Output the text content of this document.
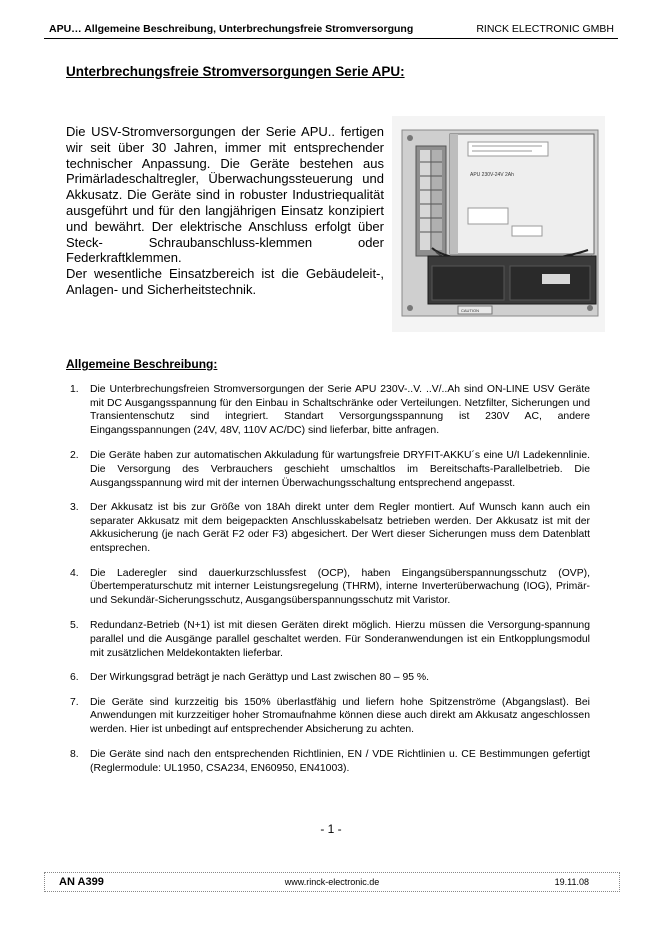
APU… Allgemeine Beschreibung, Unterbrechungsfreie Stromversorgung	RINCK ELECTRONIC GMBH
Unterbrechungsfreie Stromversorgungen Serie APU:

Die USV-Stromversorgungen der Serie APU.. fertigen wir seit über 30 Jahren, immer mit entsprechender technischer Anpassung. Die Geräte bestehen aus Primärladeschaltregler, Überwachungssteuerung und Akkusatz. Die Geräte sind in robuster Industriequalität ausgeführt und für den langjährigen Einsatz konzipiert und bewährt. Der elektrische Anschluss erfolgt über Steck- Schraubanschluss-klemmen oder Federkraftklemmen.

Der wesentliche Einsatzbereich ist die Gebäudeleit-, Anlagen- und Sicherheitstechnik.

APU 230V-24V 2Ah
CAUTION
Allgemeine Beschreibung:
1. Die Unterbrechungsfreien Stromversorgungen der Serie APU 230V-..V. ..V/..Ah sind ON-LINE USV Geräte mit DC Ausgangsspannung für den Einbau in Schaltschränke oder Verteilungen. Netzfilter, Sicherungen und Transientenschutz sind integriert. Standart Versorgungsspannung ist 230V AC, andere Eingangsspannungen (24V, 48V, 110V AC/DC) sind lieferbar, bitte anfragen.
2. Die Geräte haben zur automatischen Akkuladung für wartungsfreie DRYFIT-AKKU´s eine U/I Ladekennlinie. Die Versorgung des Verbrauchers geschieht umschaltlos im Bereitschafts-Parallelbetrieb. Die Ausgangsspannung wird mit der internen Überwachungsschaltung entsprechend angepasst.
3. Der Akkusatz ist bis zur Größe von 18Ah direkt unter dem Regler montiert. Auf Wunsch kann auch ein separater Akkusatz mit dem beigepackten Anschlusskabelsatz betrieben werden. Der Akkusatz ist mit der Akkusicherung (je nach Gerät F2 oder F3) abgesichert. Der Wert dieser Sicherungen muss dem Datenblatt entsprechen.
4. Die Laderegler sind dauerkurzschlussfest (OCP), haben Eingangsüberspannungsschutz (OVP), Übertemperaturschutz mit interner Leistungsregelung (THRM), interne Inverterüberwachung (IOG), Primär- und Sekundär-Sicherungsschutz, Ausgangsüberspannungsschutz mit Varistor.
5. Redundanz-Betrieb (N+1) ist mit diesen Geräten direkt möglich. Hierzu müssen die Versorgung-spannung parallel und die Ausgänge parallel geschaltet werden. Für Sonderanwendungen ist ein Entkopplungsmodul mit zusätzlichen Meldekontakten lieferbar.
6. Der Wirkungsgrad beträgt je nach Gerättyp und Last zwischen 80 – 95 %.
7. Die Geräte sind kurzzeitig bis 150% überlastfähig und liefern hohe Spitzenströme (Abgangslast). Bei Anwendungen mit kurzzeitiger hoher Stromaufnahme können diese auch direkt am Akkusatz angeschlossen werden. Hier ist unbedingt auf entsprechender Absicherung zu achten.
8. Die Geräte sind nach den entsprechenden Richtlinien, EN / VDE Richtlinien u. CE Bestimmungen gefertigt (Reglermodule: UL1950, CSA234, EN60950, EN41003).
- 1 -
AN A399	www.rinck-electronic.de	19.11.08
